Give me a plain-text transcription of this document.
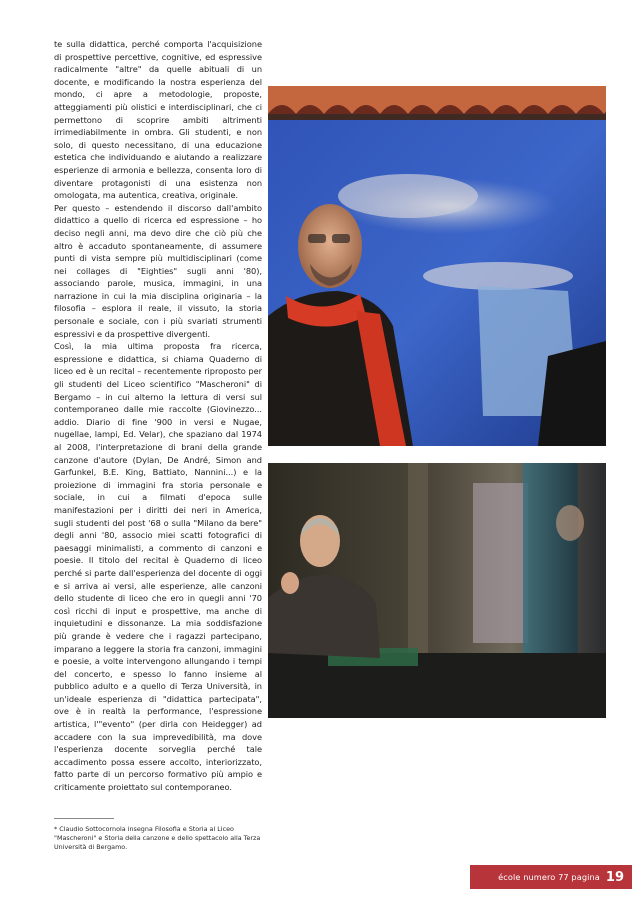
te sulla didattica, perché comporta l'acquisizione di prospettive percettive, cognitive, ed espressive radicalmente "altre" da quelle abituali di un docente, e modificando la nostra esperienza del mondo, ci apre a metodologie, proposte, atteggiamenti più olistici e interdisciplinari, che ci permettono di scoprire ambiti altrimenti irrimediabilmente in ombra. Gli studenti, e non solo, di questo necessitano, di una educazione estetica che individuando e aiutando a realizzare esperienze di armonia e bellezza, consenta loro di diventare protagonisti di una esistenza non omologata, ma autentica, creativa, originale.

Per questo – estendendo il discorso dall'ambito didattico a quello di ricerca ed espressione – ho deciso negli anni, ma devo dire che ciò più che altro è accaduto spontaneamente, di assumere punti di vista sempre più multidisciplinari (come nei collages di "Eighties" sugli anni '80), associando parole, musica, immagini, in una narrazione in cui la mia disciplina originaria – la filosofia – esplora il reale, il vissuto, la storia personale e sociale, con i più svariati strumenti espressivi e da prospettive divergenti.

Così, la mia ultima proposta fra ricerca, espressione e didattica, si chiama Quaderno di liceo ed è un recital – recentemente riproposto per gli studenti del Liceo scientifico "Mascheroni" di Bergamo – in cui alterno la lettura di versi sul contemporaneo dalle mie raccolte (Giovinezzo... addio. Diario di fine '900 in versi e Nugae, nugellae, lampi, Ed. Velar), che spaziano dal 1974 al 2008, l'interpretazione di brani della grande canzone d'autore (Dylan, De André, Simon and Garfunkel, B.E. King, Battiato, Nannini...) e la proiezione di immagini fra storia personale e sociale, in cui a filmati d'epoca sulle manifestazioni per i diritti dei neri in America, sugli studenti del post '68 o sulla "Milano da bere" degli anni '80, associo miei scatti fotografici di paesaggi minimalisti, a commento di canzoni e poesie. Il titolo del recital è Quaderno di liceo perché si parte dall'esperienza del docente di oggi e si arriva ai versi, alle esperienze, alle canzoni dello studente di liceo che ero in quegli anni '70 così ricchi di input e prospettive, ma anche di inquietudini e dissonanze. La mia soddisfazione più grande è vedere che i ragazzi partecipano, imparano a leggere la storia fra canzoni, immagini e poesie, a volte intervengono allungando i tempi del concerto, e spesso lo fanno insieme al pubblico adulto e a quello di Terza Università, in un'ideale esperienza di "didattica partecipata", ove è in realtà la performance, l'espressione artistica, l'"evento" (per dirla con Heidegger) ad accadere con la sua imprevedibilità, ma dove l'esperienza docente sorveglia perché tale accadimento possa essere accolto, interiorizzato, fatto parte di un percorso formativo più ampio e criticamente proiettato sul contemporaneo.

* Claudio Sottocornola insegna Filosofia e Storia al Liceo "Mascheroni" e Storia della canzone e dello spettacolo alla Terza Università di Bergamo.
école numero 77 pagina 19
